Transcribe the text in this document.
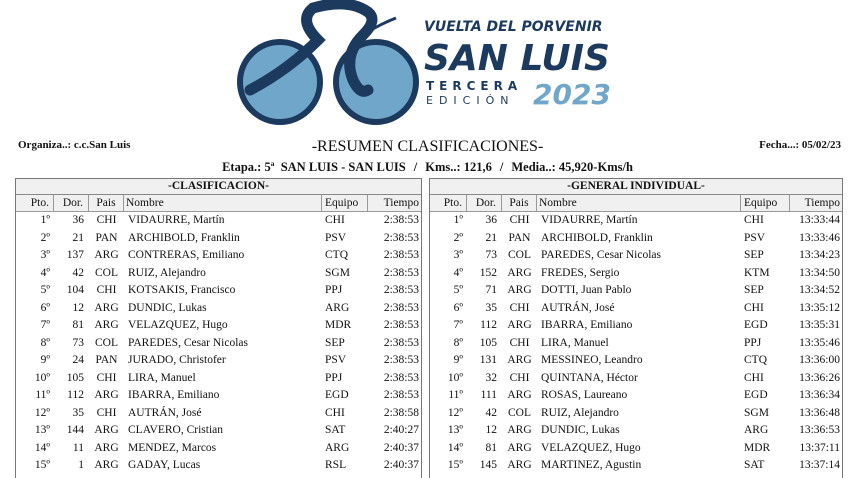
VUELTA DEL PORVENIR
SAN LUIS
TERCERA
EDICIÓN 2023
Organiza..: c.c.San Luis	-RESUMEN CLASIFICACIONES-	Fecha...: 05/02/23
Etapa.: 5ª  SAN LUIS - SAN LUIS / Kms..: 121,6 / Media..: 45,920-Kms/h
-CLASIFICACION-
Pto.	Dor.	Pais Nombre	Equipo	Tiempo
1º	36	CHI	VIDAURRE, Martín	CHI	2:38:53
2º	21	PAN ARCHIBOLD, Franklin	PSV	2:38:53
3º	137 ARG CONTRERAS, Emiliano	CTQ	2:38:53
4º	42 COL RUIZ, Alejandro	SGM	2:38:53
5º	104	CHI	KOTSAKIS, Francisco	PPJ	2:38:53
6º	12 ARG DUNDIC, Lukas	ARG	2:38:53
7º	81 ARG VELAZQUEZ, Hugo	MDR	2:38:53
8º	73 COL PAREDES, Cesar Nicolas	SEP	2:38:53
9º	24	PAN JURADO, Christofer	PSV	2:38:53
10º	105	CHI	LIRA, Manuel	PPJ	2:38:53
11º	112 ARG IBARRA, Emiliano	EGD	2:38:53
12º	35	CHI	AUTRÁN, José	CHI	2:38:58
13º	144 ARG CLAVERO, Cristian	SAT	2:40:27
14º	11 ARG MENDEZ, Marcos	ARG	2:40:37
15º	1 ARG GADAY, Lucas	RSL	2:40:37
-GENERAL INDIVIDUAL-
Pto.	Dor.	Pais Nombre	Equipo	Tiempo
1º	36	CHI	VIDAURRE, Martín	CHI	13:33:44
2º	21	PAN ARCHIBOLD, Franklin	PSV	13:33:46
3º	73 COL PAREDES, Cesar Nicolas	SEP	13:34:23
4º	152 ARG FREDES, Sergio	KTM	13:34:50
5º	71 ARG DOTTI, Juan Pablo	SEP	13:34:52
6º	35	CHI	AUTRÁN, José	CHI	13:35:12
7º	112 ARG IBARRA, Emiliano	EGD	13:35:31
8º	105	CHI	LIRA, Manuel	PPJ	13:35:46
9º	131 ARG MESSINEO, Leandro	CTQ	13:36:00
10º	32	CHI	QUINTANA, Héctor	CHI	13:36:26
11º	111 ARG ROSAS, Laureano	EGD	13:36:34
12º	42 COL RUIZ, Alejandro	SGM	13:36:48
13º	12 ARG DUNDIC, Lukas	ARG	13:36:53
14º	81 ARG VELAZQUEZ, Hugo	MDR	13:37:11
15º	145 ARG MARTINEZ, Agustin	SAT	13:37:14
